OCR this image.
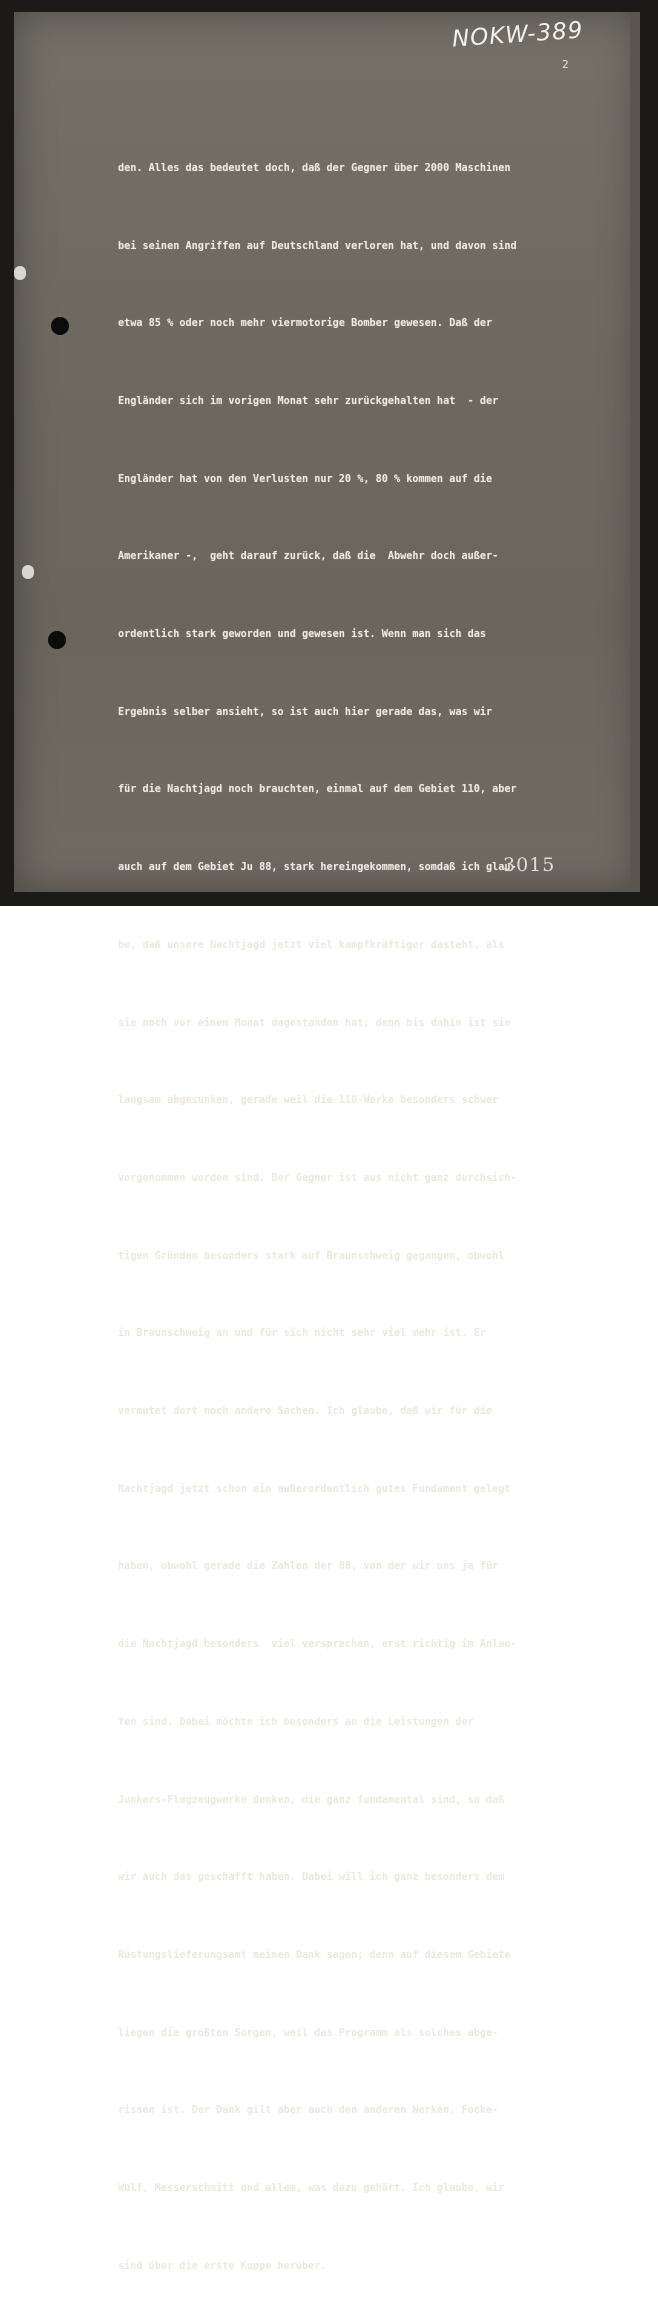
NOKW-389
2

den. Alles das bedeutet doch, daß der Gegner über 2000 Maschinen

bei seinen Angriffen auf Deutschland verloren hat, und davon sind

etwa 85 % oder noch mehr viermotorige Bomber gewesen. Daß der

Engländer sich im vorigen Monat sehr zurückgehalten hat  - der

Engländer hat von den Verlusten nur 20 %, 80 % kommen auf die

Amerikaner -,  geht darauf zurück, daß die  Abwehr doch außer-

ordentlich stark geworden und gewesen ist. Wenn man sich das

Ergebnis selber ansieht, so ist auch hier gerade das, was wir

für die Nachtjagd noch brauchten, einmal auf dem Gebiet 110, aber

auch auf dem Gebiet Ju 88, stark hereingekommen, somdaß ich glau-

be, daß unsere Nachtjagd jetzt viel kampfkräftiger dasteht, als

sie noch vor einem Monat dagestanden hat; denn bis dahin ist sie

langsam abgesunken, gerade weil die 110-Werke besonders schwer

vorgenommen worden sind. Der Gegner ist aus nicht ganz durchsich-

tigen Gründen besonders stark auf Braunschweig gegangen, obwohl

in Braunschweig an und für sich nicht sehr viel mehr ist. Er

vermutet dort noch andere Sachen. Ich glaube, daß wir für die

Nachtjagd jetzt schon ein außerordentlich gutes Fundament gelegt

haben, obwohl gerade die Zahlen der 88, von der wir uns ja für

die Nachtjagd besonders  viel versprechen, erst richtig im Anlau-

fen sind. Dabei möchte ich besonders an die Leistungen der

Junkers-Flugzeugwerke denken, die ganz fundamental sind, so daß

wir auch das geschafft haben. Dabei will ich ganz besonders dem

Rüstungslieferungsamt meinen Dank sagen; denn auf diesem Gebiete

liegen die größten Sorgen, weil das Programm als solches abge-

rissen ist. Der Dank gilt aber auch den anderen Werken, Focke-

Wulf, Messerschmitt und allem, was dazu gehört. Ich glaube, wir

sind über die erste Kuppe herüber.

3015
